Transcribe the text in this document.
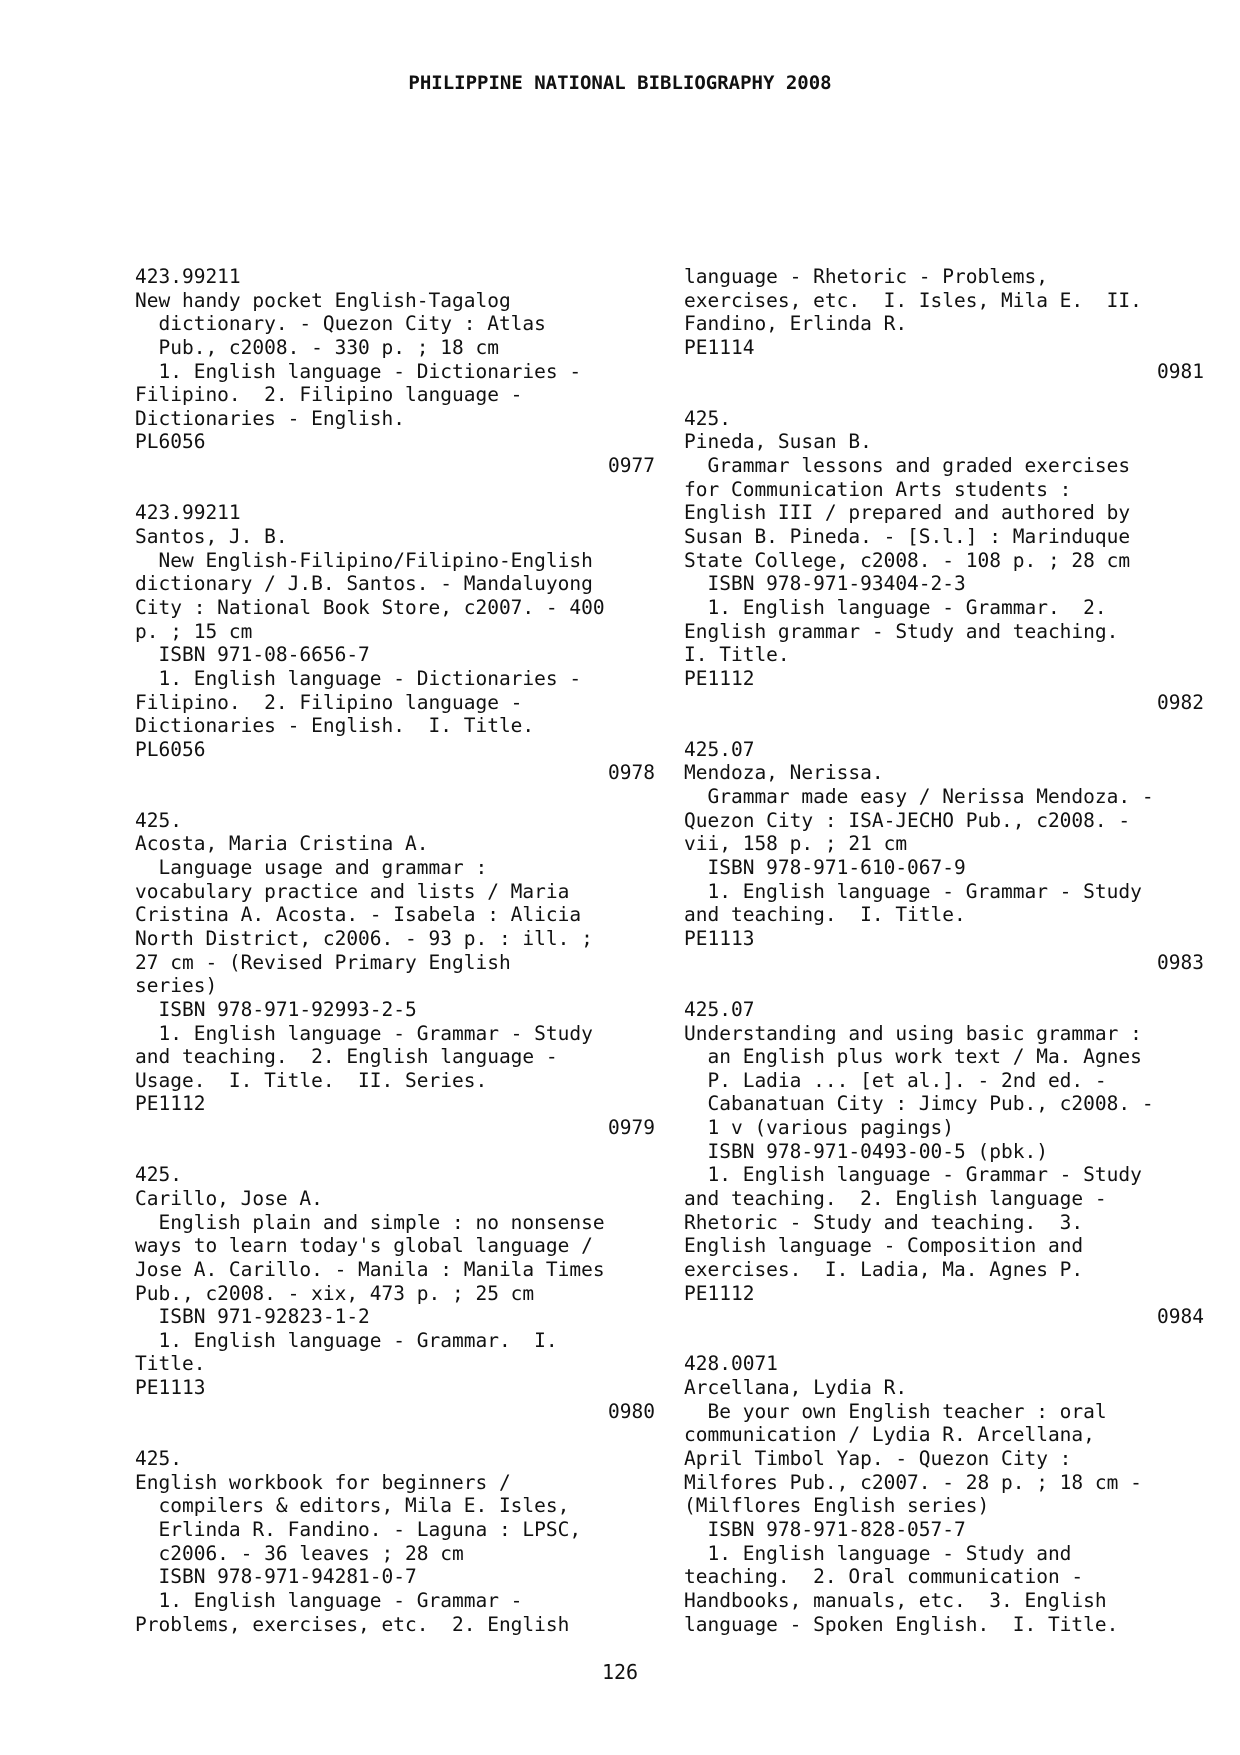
PHILIPPINE NATIONAL BIBLIOGRAPHY 2008
423.99211
New handy pocket English-Tagalog
dictionary. - Quezon City : Atlas
Pub., c2008. - 330 p. ; 18 cm
1. English language - Dictionaries -
Filipino.  2. Filipino language -
Dictionaries - English.
PL6056
0977
423.99211
Santos, J. B.
New English-Filipino/Filipino-English
dictionary / J.B. Santos. - Mandaluyong
City : National Book Store, c2007. - 400
p. ; 15 cm
ISBN 971-08-6656-7
1. English language - Dictionaries -
Filipino.  2. Filipino language -
Dictionaries - English.  I. Title.
PL6056
0978
425.
Acosta, Maria Cristina A.
Language usage and grammar :
vocabulary practice and lists / Maria
Cristina A. Acosta. - Isabela : Alicia
North District, c2006. - 93 p. : ill. ;
27 cm - (Revised Primary English
series)
ISBN 978-971-92993-2-5
1. English language - Grammar - Study
and teaching.  2. English language -
Usage.  I. Title.  II. Series.
PE1112
0979
425.
Carillo, Jose A.
English plain and simple : no nonsense
ways to learn today's global language /
Jose A. Carillo. - Manila : Manila Times
Pub., c2008. - xix, 473 p. ; 25 cm
ISBN 971-92823-1-2
1. English language - Grammar.  I.
Title.
PE1113
0980
425.
English workbook for beginners /
compilers & editors, Mila E. Isles,
Erlinda R. Fandino. - Laguna : LPSC,
c2006. - 36 leaves ; 28 cm
ISBN 978-971-94281-0-7
1. English language - Grammar -
Problems, exercises, etc.  2. English
language - Rhetoric - Problems,
exercises, etc.  I. Isles, Mila E.  II.
Fandino, Erlinda R.
PE1114
0981
425.
Pineda, Susan B.
Grammar lessons and graded exercises
for Communication Arts students :
English III / prepared and authored by
Susan B. Pineda. - [S.l.] : Marinduque
State College, c2008. - 108 p. ; 28 cm
ISBN 978-971-93404-2-3
1. English language - Grammar.  2.
English grammar - Study and teaching.
I. Title.
PE1112
0982
425.07
Mendoza, Nerissa.
Grammar made easy / Nerissa Mendoza. -
Quezon City : ISA-JECHO Pub., c2008. -
vii, 158 p. ; 21 cm
ISBN 978-971-610-067-9
1. English language - Grammar - Study
and teaching.  I. Title.
PE1113
0983
425.07
Understanding and using basic grammar :
an English plus work text / Ma. Agnes
P. Ladia ... [et al.]. - 2nd ed. -
Cabanatuan City : Jimcy Pub., c2008. -
1 v (various pagings)
ISBN 978-971-0493-00-5 (pbk.)
1. English language - Grammar - Study
and teaching.  2. English language -
Rhetoric - Study and teaching.  3.
English language - Composition and
exercises.  I. Ladia, Ma. Agnes P.
PE1112
0984
428.0071
Arcellana, Lydia R.
Be your own English teacher : oral
communication / Lydia R. Arcellana,
April Timbol Yap. - Quezon City :
Milfores Pub., c2007. - 28 p. ; 18 cm -
(Milflores English series)
ISBN 978-971-828-057-7
1. English language - Study and
teaching.  2. Oral communication -
Handbooks, manuals, etc.  3. English
language - Spoken English.  I. Title.
126
